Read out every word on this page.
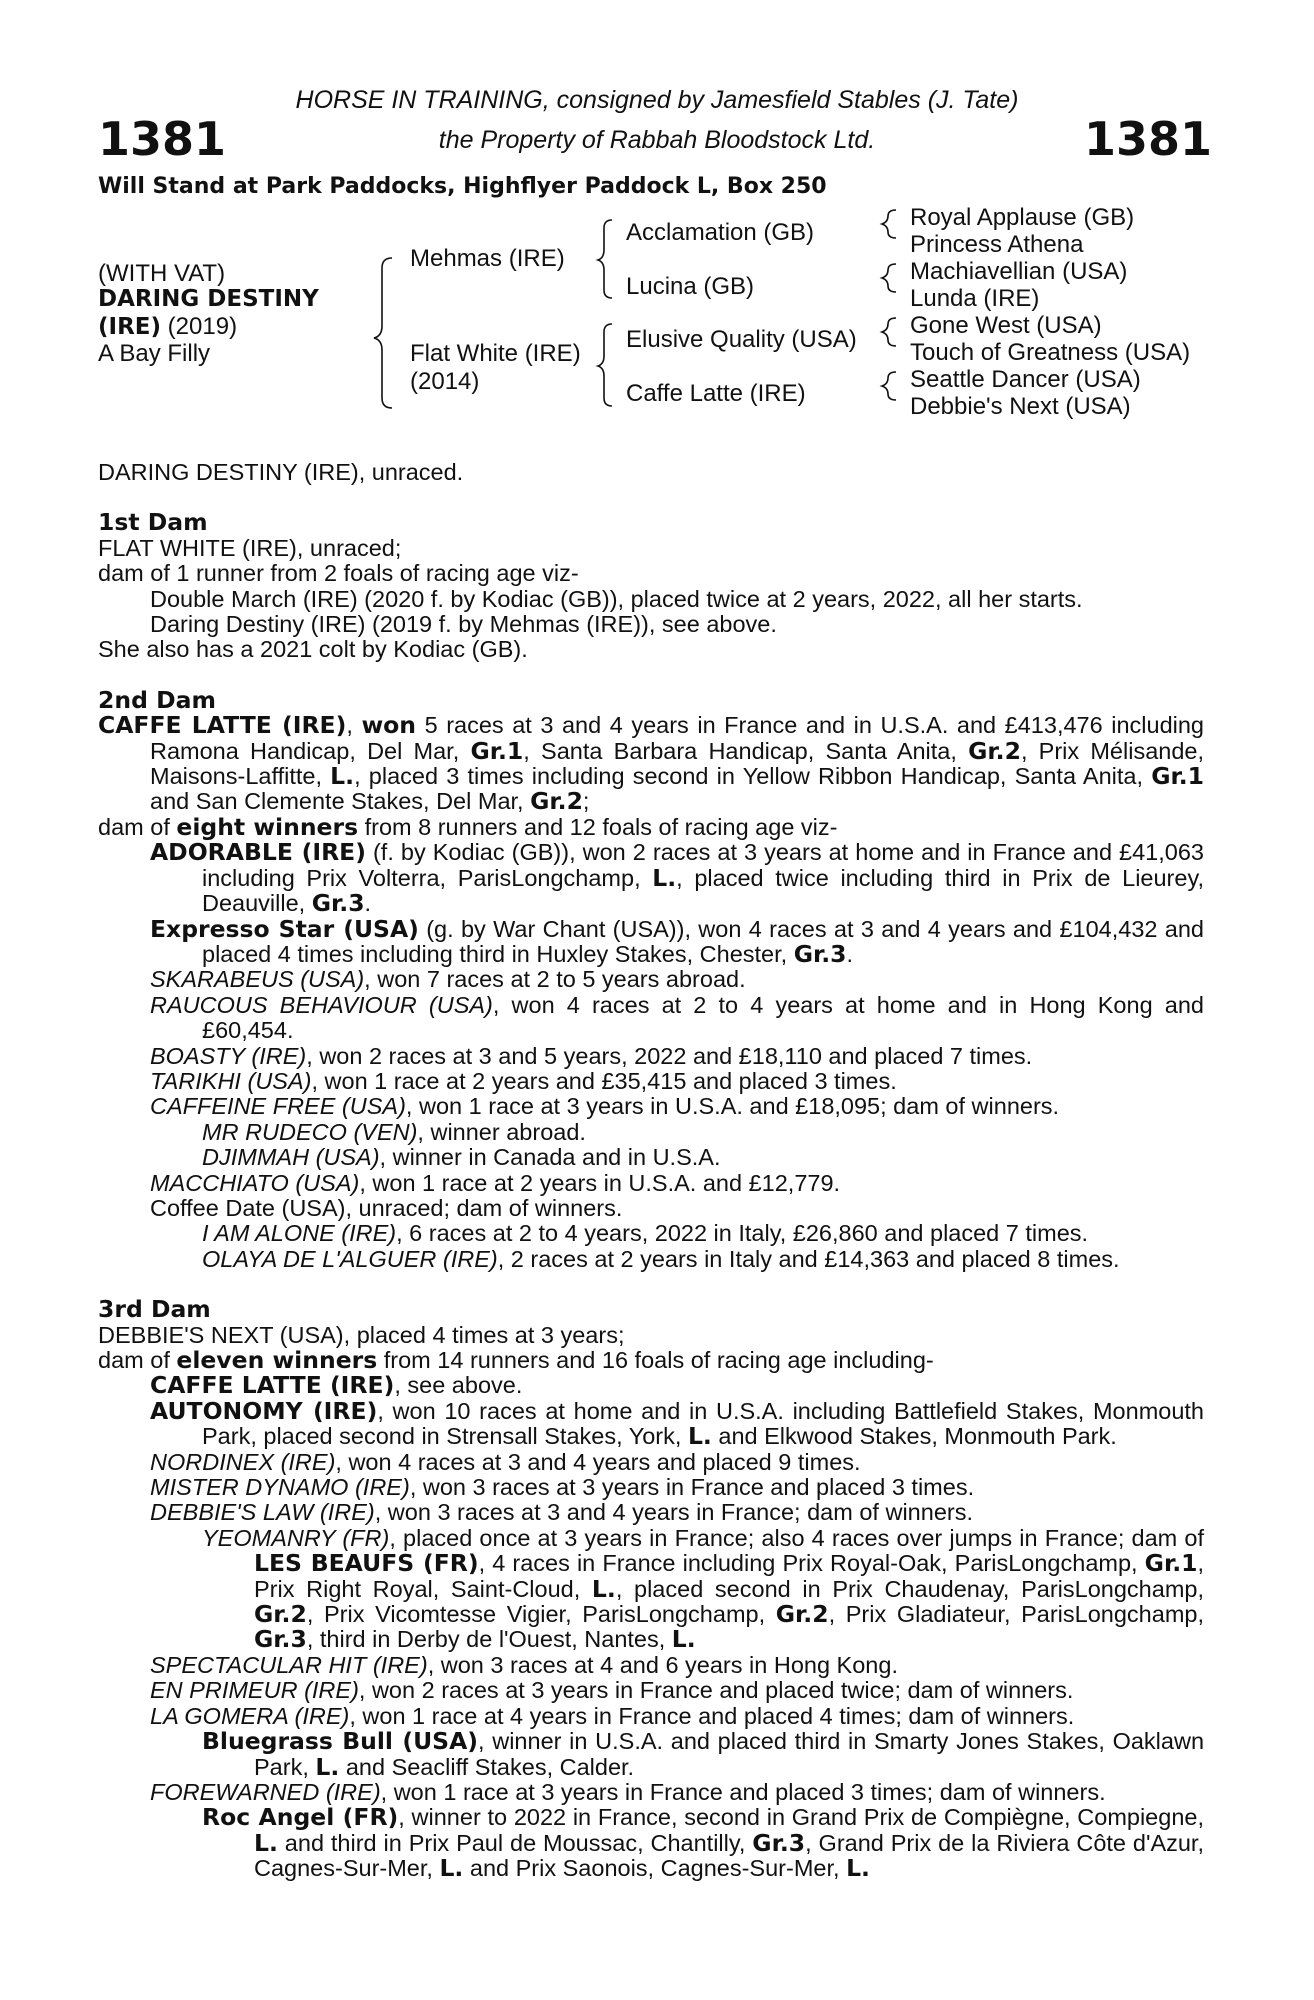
1381	1381
HORSE IN TRAINING, consigned by Jamesfield Stables (J. Tate)
the Property of Rabbah Bloodstock Ltd.
Will Stand at Park Paddocks, Highflyer Paddock L, Box 250
(WITH VAT)
DARING DESTINY
(IRE) (2019)
A Bay Filly
Mehmas (IRE)
Flat White (IRE)
(2014)
Acclamation (GB)
Lucina (GB)
Elusive Quality (USA)
Caffe Latte (IRE)
Royal Applause (GB)
Princess Athena
Machiavellian (USA)
Lunda (IRE)
Gone West (USA)
Touch of Greatness (USA)
Seattle Dancer (USA)
Debbie's Next (USA)

DARING DESTINY (IRE), unraced.

1st Dam

FLAT WHITE (IRE), unraced;

dam of 1 runner from 2 foals of racing age viz-

Double March (IRE) (2020 f. by Kodiac (GB)), placed twice at 2 years, 2022, all her starts.

Daring Destiny (IRE) (2019 f. by Mehmas (IRE)), see above.

She also has a 2021 colt by Kodiac (GB).

2nd Dam

CAFFE LATTE (IRE), won 5 races at 3 and 4 years in France and in U.S.A. and £413,476 including Ramona Handicap, Del Mar, Gr.1, Santa Barbara Handicap, Santa Anita, Gr.2, Prix Mélisande, Maisons-Laffitte, L., placed 3 times including second in Yellow Ribbon Handicap, Santa Anita, Gr.1 and San Clemente Stakes, Del Mar, Gr.2;

dam of eight winners from 8 runners and 12 foals of racing age viz-

ADORABLE (IRE) (f. by Kodiac (GB)), won 2 races at 3 years at home and in France and £41,063 including Prix Volterra, ParisLongchamp, L., placed twice including third in Prix de Lieurey, Deauville, Gr.3.

Expresso Star (USA) (g. by War Chant (USA)), won 4 races at 3 and 4 years and £104,432 and placed 4 times including third in Huxley Stakes, Chester, Gr.3.

SKARABEUS (USA), won 7 races at 2 to 5 years abroad.

RAUCOUS BEHAVIOUR (USA), won 4 races at 2 to 4 years at home and in Hong Kong and £60,454.

BOASTY (IRE), won 2 races at 3 and 5 years, 2022 and £18,110 and placed 7 times.

TARIKHI (USA), won 1 race at 2 years and £35,415 and placed 3 times.

CAFFEINE FREE (USA), won 1 race at 3 years in U.S.A. and £18,095; dam of winners.

MR RUDECO (VEN), winner abroad.

DJIMMAH (USA), winner in Canada and in U.S.A.

MACCHIATO (USA), won 1 race at 2 years in U.S.A. and £12,779.

Coffee Date (USA), unraced; dam of winners.

I AM ALONE (IRE), 6 races at 2 to 4 years, 2022 in Italy, £26,860 and placed 7 times.

OLAYA DE L'ALGUER (IRE), 2 races at 2 years in Italy and £14,363 and placed 8 times.

3rd Dam

DEBBIE'S NEXT (USA), placed 4 times at 3 years;

dam of eleven winners from 14 runners and 16 foals of racing age including-

CAFFE LATTE (IRE), see above.

AUTONOMY (IRE), won 10 races at home and in U.S.A. including Battlefield Stakes, Monmouth Park, placed second in Strensall Stakes, York, L. and Elkwood Stakes, Monmouth Park.

NORDINEX (IRE), won 4 races at 3 and 4 years and placed 9 times.

MISTER DYNAMO (IRE), won 3 races at 3 years in France and placed 3 times.

DEBBIE'S LAW (IRE), won 3 races at 3 and 4 years in France; dam of winners.

YEOMANRY (FR), placed once at 3 years in France; also 4 races over jumps in France; dam of LES BEAUFS (FR), 4 races in France including Prix Royal-Oak, ParisLongchamp, Gr.1, Prix Right Royal, Saint-Cloud, L., placed second in Prix Chaudenay, ParisLongchamp, Gr.2, Prix Vicomtesse Vigier, ParisLongchamp, Gr.2, Prix Gladiateur, ParisLongchamp, Gr.3, third in Derby de l'Ouest, Nantes, L.

SPECTACULAR HIT (IRE), won 3 races at 4 and 6 years in Hong Kong.

EN PRIMEUR (IRE), won 2 races at 3 years in France and placed twice; dam of winners.

LA GOMERA (IRE), won 1 race at 4 years in France and placed 4 times; dam of winners.

Bluegrass Bull (USA), winner in U.S.A. and placed third in Smarty Jones Stakes, Oaklawn Park, L. and Seacliff Stakes, Calder.

FOREWARNED (IRE), won 1 race at 3 years in France and placed 3 times; dam of winners.

Roc Angel (FR), winner to 2022 in France, second in Grand Prix de Compiègne, Compiegne, L. and third in Prix Paul de Moussac, Chantilly, Gr.3, Grand Prix de la Riviera Côte d'Azur, Cagnes-Sur-Mer, L. and Prix Saonois, Cagnes-Sur-Mer, L.
